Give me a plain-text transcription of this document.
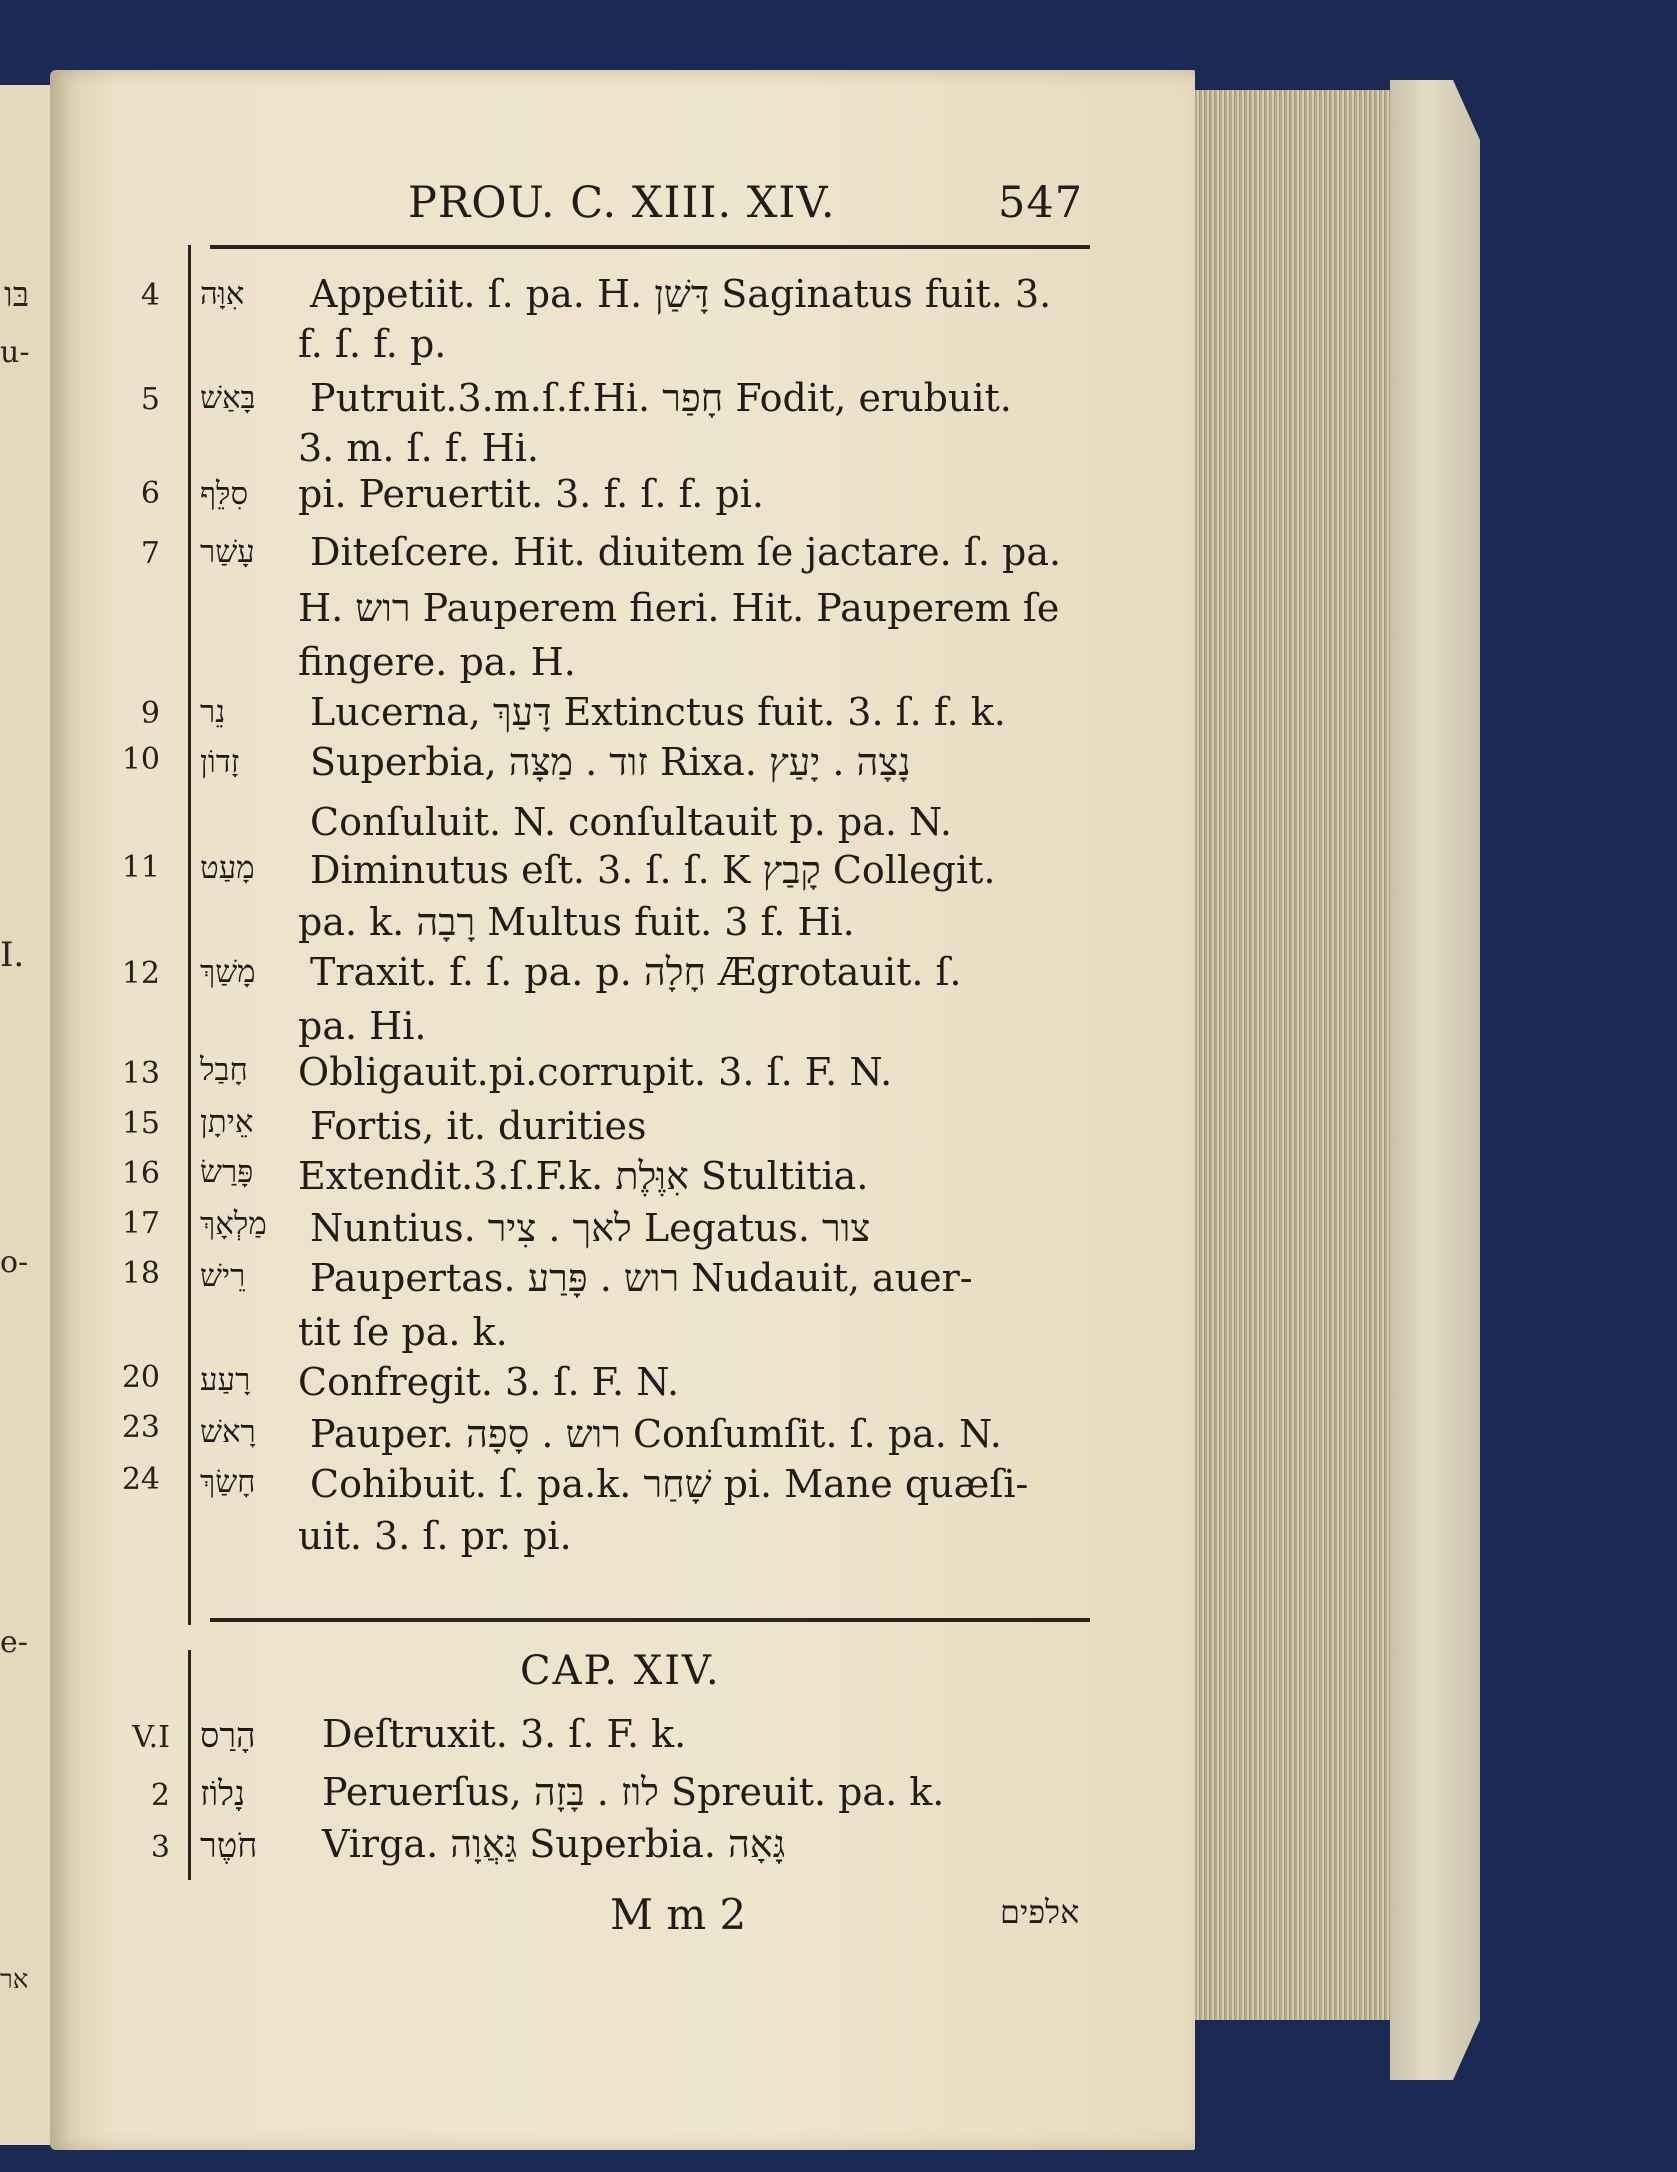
בּו
u-
I.
o-
e-
אר
PROU. C. XIII. XIV.	547
4 אִוָּה Appetiit. ſ. pa. H. דָּשַׁן Saginatus fuit. 3.
f. ſ. f. p.
5 בָּאַשׁ Putruit.3.m.ſ.f.Hi. חָפַר Fodit, erubuit.
3. m. ſ. f. Hi.
6 סִלֵּף pi. Peruertit. 3. f. ſ. f. pi.
7 עָשַׁר Diteſcere. Hit. diuitem ſe jactare. ſ. pa.
H. רוש Pauperem fieri. Hit. Pauperem ſe
fingere. pa. H.
9 נֵר Lucerna, דָּעַךְ Extinctus fuit. 3. ſ. f. k.
10 זָדוֹן Superbia, זוד . מַצָּה Rixa. נָצָה . יָעַץ
Conſuluit. N. conſultauit p. pa. N.
11 מָעַט Diminutus eſt. 3. ſ. ſ. K קָבַץ Collegit.
pa. k. רָבָה Multus fuit. 3 f. Hi.
12 מָשַׁךְ Traxit. f. ſ. pa. p. חָלָה Ægrotauit. ſ.
pa. Hi.
13 חָבַל Obligauit.pi.corrupit. 3. ſ. F. N.
15 אֵיתָן Fortis, it. durities
16 פָּרַשׂ Extendit.3.ſ.F.k. אִוֶּלֶת Stultitia.
17 מַלְאָךְ Nuntius. לאך . צִיר Legatus. צור
18 רֵישׁ Paupertas. רוש . פָּרַע Nudauit, auer-
tit ſe pa. k.
20 רָעַע Confregit. 3. ſ. F. N.
23 רָאשׁ Pauper. רוש . סָפָה Conſumſit. ſ. pa. N.
24 חָשַׂךְ Cohibuit. ſ. pa.k. שָׁחַר pi. Mane quæſi-
uit. 3. ſ. pr. pi.
CAP. XIV.
V.I הָרַס Deſtruxit. 3. ſ. F. k.
2 נָלוֹז Peruerſus, לוז . בָּזָה Spreuit. pa. k.
3 חֹטֶר Virga. גַּאֲוָה Superbia. גָּאָה
M m 2	אלפים
